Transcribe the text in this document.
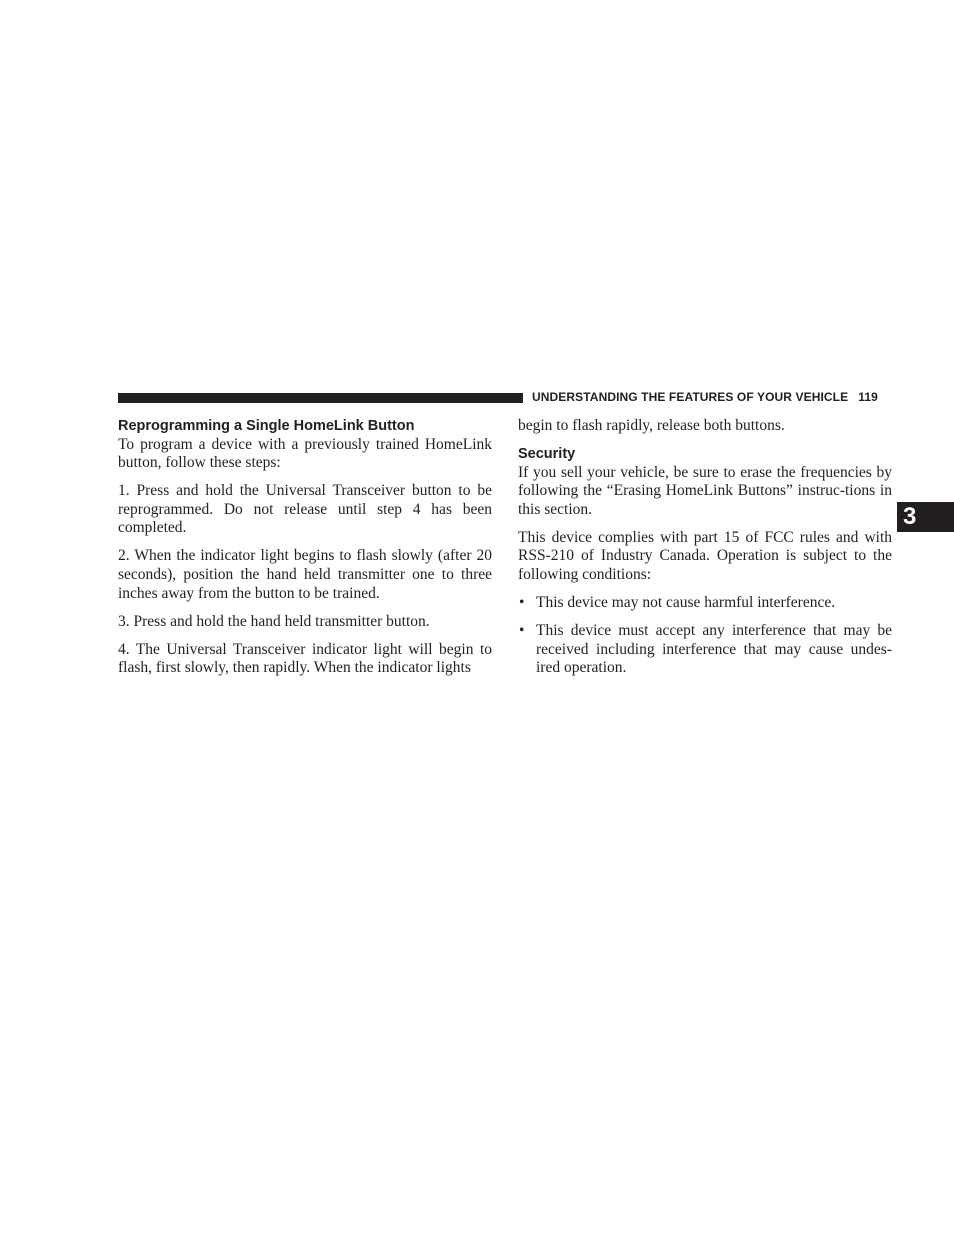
UNDERSTANDING THE FEATURES OF YOUR VEHICLE 119
3
Reprogramming a Single HomeLink Button

To program a device with a previously trained HomeLink button, follow these steps:

1. Press and hold the Universal Transceiver button to be reprogrammed. Do not release until step 4 has been completed.

2. When the indicator light begins to flash slowly (after 20 seconds), position the hand held transmitter one to three inches away from the button to be trained.

3. Press and hold the hand held transmitter button.

4. The Universal Transceiver indicator light will begin to flash, first slowly, then rapidly. When the indicator lights

begin to flash rapidly, release both buttons.

Security

If you sell your vehicle, be sure to erase the frequencies by following the “Erasing HomeLink Buttons” instruc-tions in this section.

This device complies with part 15 of FCC rules and with RSS-210 of Industry Canada. Operation is subject to the following conditions:

• This device may not cause harmful interference.
• This device must accept any interference that may be received including interference that may cause undes-ired operation.
